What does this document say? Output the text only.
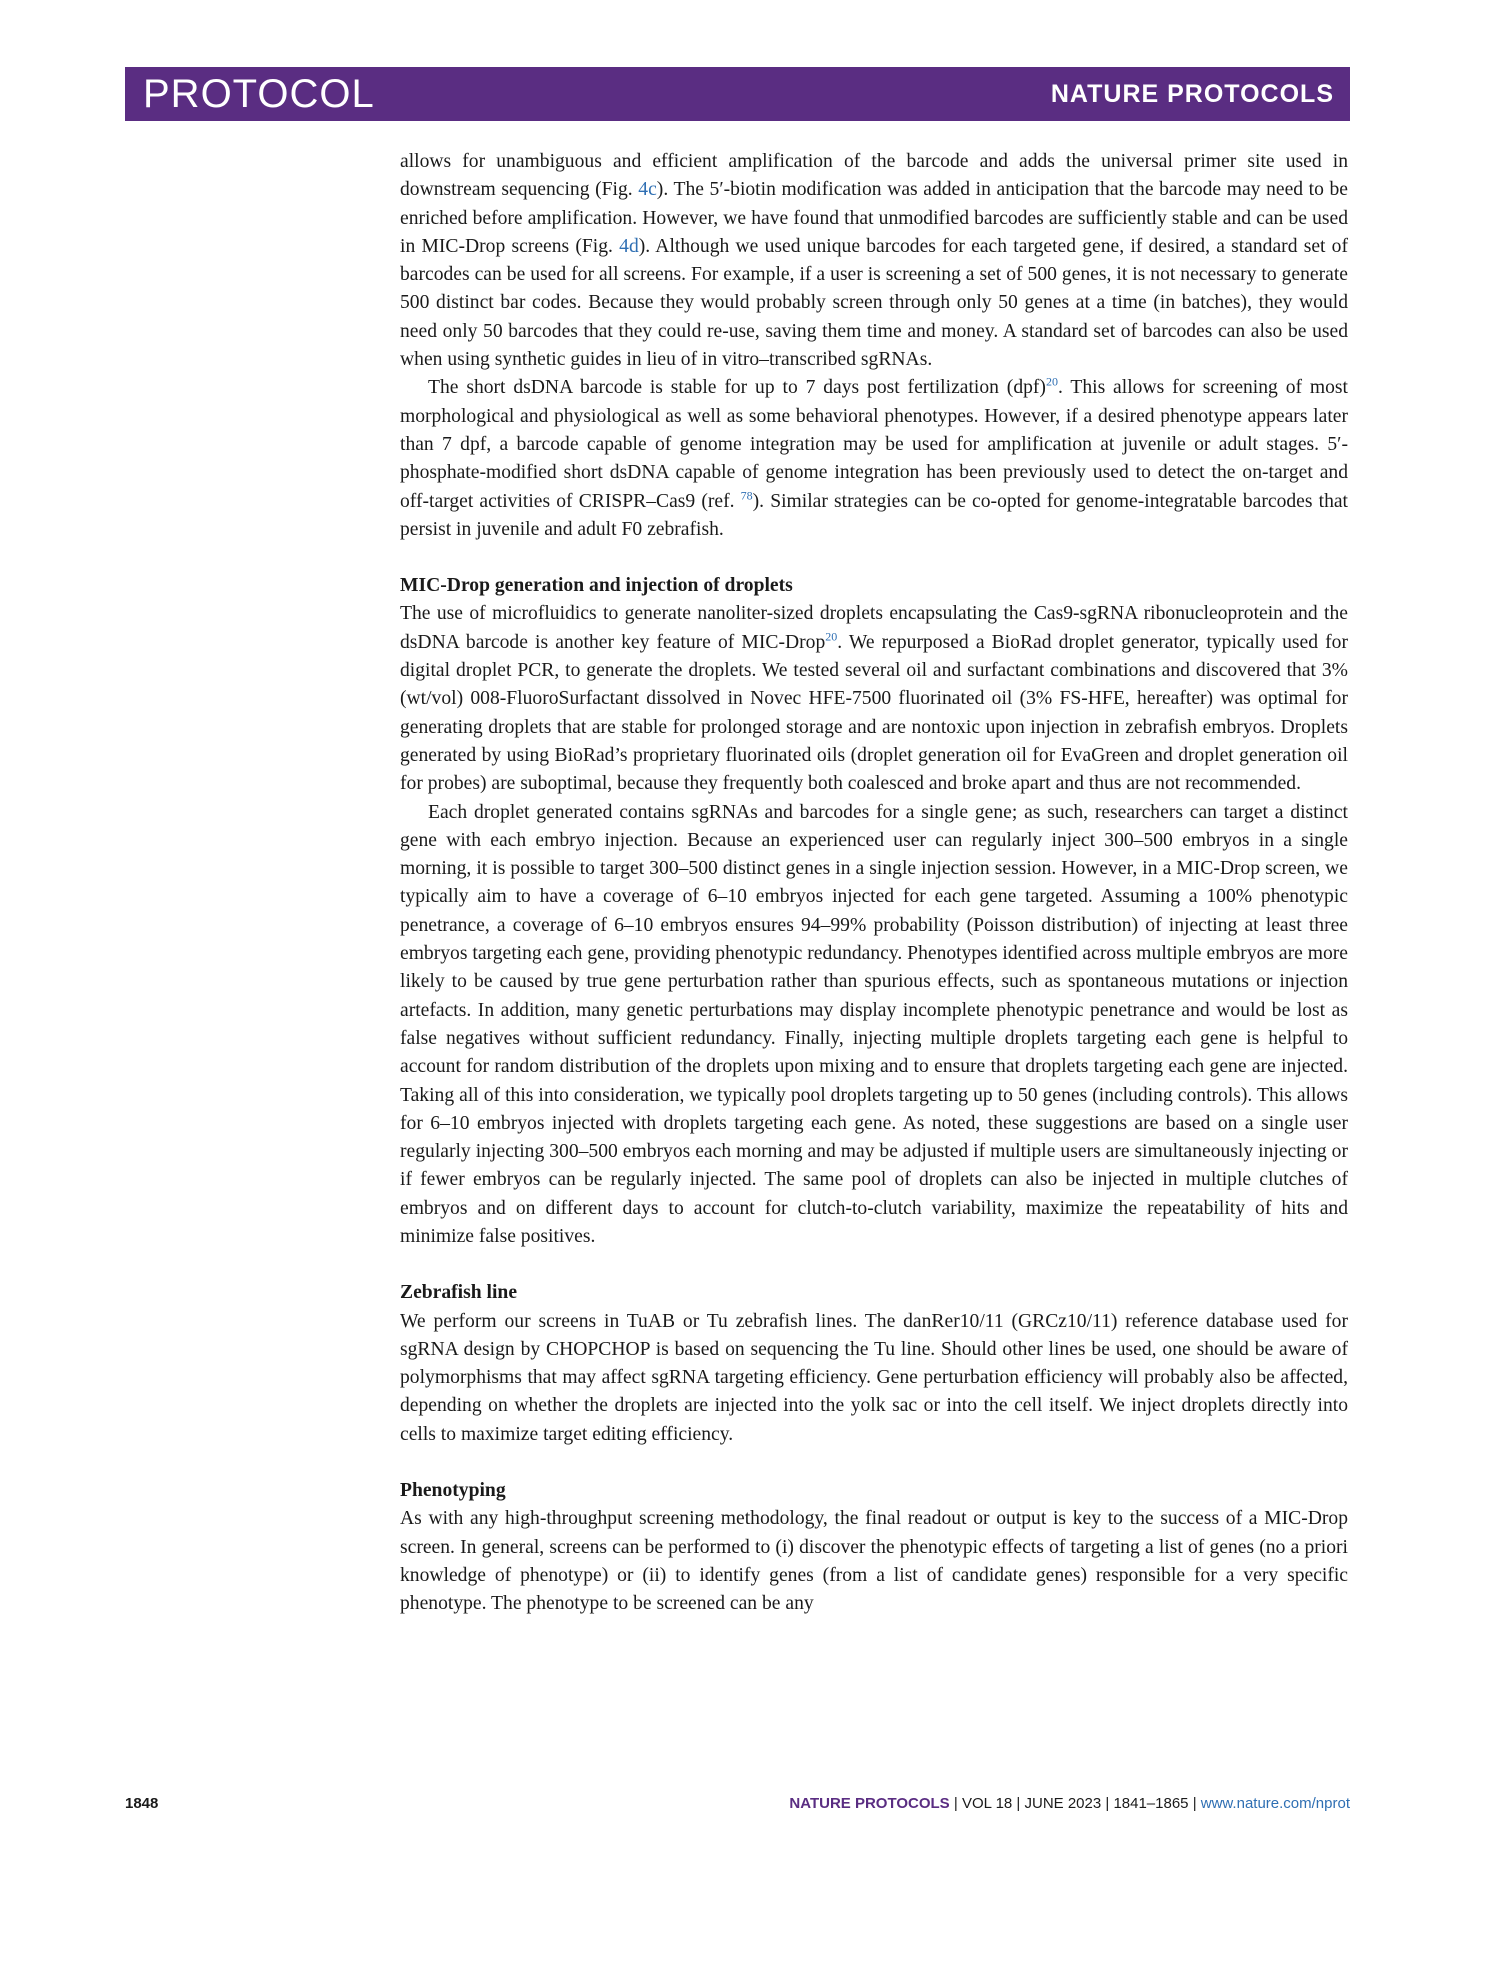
PROTOCOL	NATURE PROTOCOLS

allows for unambiguous and efficient amplification of the barcode and adds the universal primer site used in downstream sequencing (Fig. 4c). The 5′-biotin modification was added in anticipation that the barcode may need to be enriched before amplification. However, we have found that unmodified barcodes are sufficiently stable and can be used in MIC-Drop screens (Fig. 4d). Although we used unique barcodes for each targeted gene, if desired, a standard set of barcodes can be used for all screens. For example, if a user is screening a set of 500 genes, it is not necessary to generate 500 distinct bar codes. Because they would probably screen through only 50 genes at a time (in batches), they would need only 50 barcodes that they could re-use, saving them time and money. A standard set of barcodes can also be used when using synthetic guides in lieu of in vitro–transcribed sgRNAs.

The short dsDNA barcode is stable for up to 7 days post fertilization (dpf)$^{20}$. This allows for screening of most morphological and physiological as well as some behavioral phenotypes. However, if a desired phenotype appears later than 7 dpf, a barcode capable of genome integration may be used for amplification at juvenile or adult stages. 5′-phosphate-modified short dsDNA capable of genome integration has been previously used to detect the on-target and off-target activities of CRISPR–Cas9 (ref. $^{78}$). Similar strategies can be co-opted for genome-integratable barcodes that persist in juvenile and adult F0 zebrafish.

MIC-Drop generation and injection of droplets

The use of microfluidics to generate nanoliter-sized droplets encapsulating the Cas9-sgRNA ribonucleoprotein and the dsDNA barcode is another key feature of MIC-Drop$^{20}$. We repurposed a BioRad droplet generator, typically used for digital droplet PCR, to generate the droplets. We tested several oil and surfactant combinations and discovered that 3% (wt/vol) 008-FluoroSurfactant dissolved in Novec HFE-7500 fluorinated oil (3% FS-HFE, hereafter) was optimal for generating droplets that are stable for prolonged storage and are nontoxic upon injection in zebrafish embryos. Droplets generated by using BioRad’s proprietary fluorinated oils (droplet generation oil for EvaGreen and droplet generation oil for probes) are suboptimal, because they frequently both coalesced and broke apart and thus are not recommended.

Each droplet generated contains sgRNAs and barcodes for a single gene; as such, researchers can target a distinct gene with each embryo injection. Because an experienced user can regularly inject 300–500 embryos in a single morning, it is possible to target 300–500 distinct genes in a single injection session. However, in a MIC-Drop screen, we typically aim to have a coverage of 6–10 embryos injected for each gene targeted. Assuming a 100% phenotypic penetrance, a coverage of 6–10 embryos ensures 94–99% probability (Poisson distribution) of injecting at least three embryos targeting each gene, providing phenotypic redundancy. Phenotypes identified across multiple embryos are more likely to be caused by true gene perturbation rather than spurious effects, such as spontaneous mutations or injection artefacts. In addition, many genetic perturbations may display incomplete phenotypic penetrance and would be lost as false negatives without sufficient redundancy. Finally, injecting multiple droplets targeting each gene is helpful to account for random distribution of the droplets upon mixing and to ensure that droplets targeting each gene are injected. Taking all of this into consideration, we typically pool droplets targeting up to 50 genes (including controls). This allows for 6–10 embryos injected with droplets targeting each gene. As noted, these suggestions are based on a single user regularly injecting 300–500 embryos each morning and may be adjusted if multiple users are simultaneously injecting or if fewer embryos can be regularly injected. The same pool of droplets can also be injected in multiple clutches of embryos and on different days to account for clutch-to-clutch variability, maximize the repeatability of hits and minimize false positives.

Zebrafish line

We perform our screens in TuAB or Tu zebrafish lines. The danRer10/11 (GRCz10/11) reference database used for sgRNA design by CHOPCHOP is based on sequencing the Tu line. Should other lines be used, one should be aware of polymorphisms that may affect sgRNA targeting efficiency. Gene perturbation efficiency will probably also be affected, depending on whether the droplets are injected into the yolk sac or into the cell itself. We inject droplets directly into cells to maximize target editing efficiency.

Phenotyping

As with any high-throughput screening methodology, the final readout or output is key to the success of a MIC-Drop screen. In general, screens can be performed to (i) discover the phenotypic effects of targeting a list of genes (no a priori knowledge of phenotype) or (ii) to identify genes (from a list of candidate genes) responsible for a very specific phenotype. The phenotype to be screened can be any

1848	NATURE PROTOCOLS | VOL 18 | JUNE 2023 | 1841–1865 | www.nature.com/nprot
